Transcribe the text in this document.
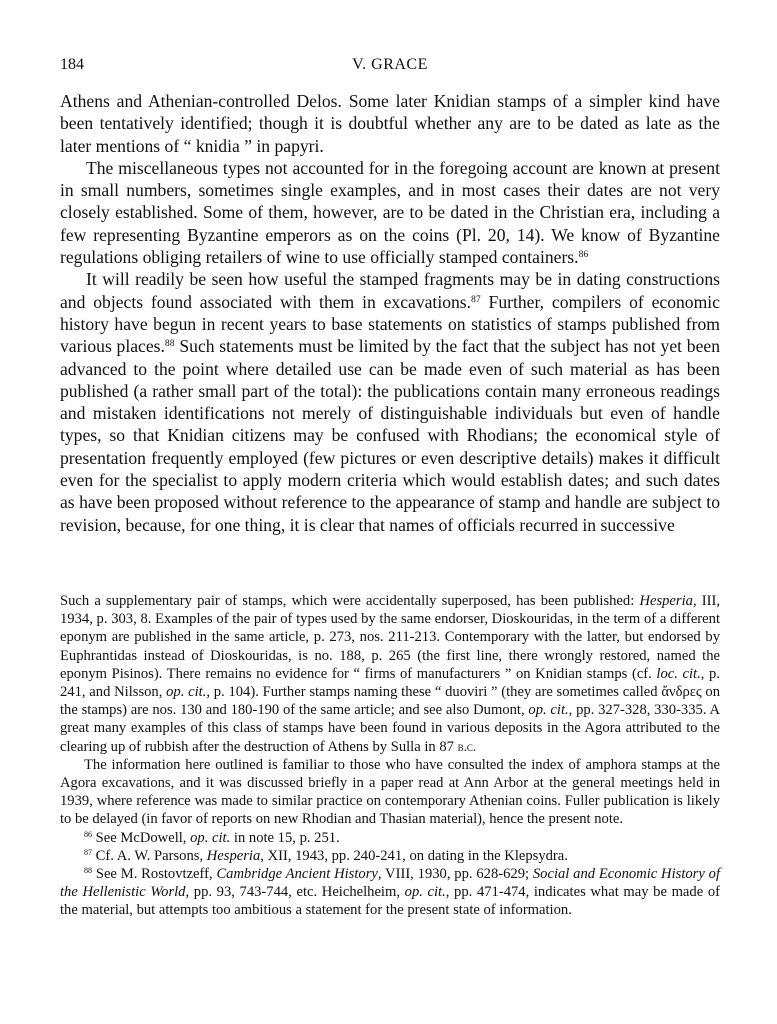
184	V. GRACE

Athens and Athenian-controlled Delos. Some later Knidian stamps of a simpler kind have been tentatively identified; though it is doubtful whether any are to be dated as late as the later mentions of “ knidia ” in papyri.

The miscellaneous types not accounted for in the foregoing account are known at present in small numbers, sometimes single examples, and in most cases their dates are not very closely established. Some of them, however, are to be dated in the Christian era, including a few representing Byzantine emperors as on the coins (Pl. 20, 14). We know of Byzantine regulations obliging retailers of wine to use officially stamped containers.$^{86}$

It will readily be seen how useful the stamped fragments may be in dating constructions and objects found associated with them in excavations.$^{87}$ Further, compilers of economic history have begun in recent years to base statements on statistics of stamps published from various places.$^{88}$ Such statements must be limited by the fact that the subject has not yet been advanced to the point where detailed use can be made even of such material as has been published (a rather small part of the total): the publications contain many erroneous readings and mistaken identifications not merely of distinguishable individuals but even of handle types, so that Knidian citizens may be confused with Rhodians; the economical style of presentation frequently employed (few pictures or even descriptive details) makes it difficult even for the specialist to apply modern criteria which would establish dates; and such dates as have been proposed without reference to the appearance of stamp and handle are subject to revision, because, for one thing, it is clear that names of officials recurred in successive

Such a supplementary pair of stamps, which were accidentally superposed, has been published: Hesperia, III, 1934, p. 303, 8. Examples of the pair of types used by the same endorser, Dioskouridas, in the term of a different eponym are published in the same article, p. 273, nos. 211-213. Contemporary with the latter, but endorsed by Euphrantidas instead of Dioskouridas, is no. 188, p. 265 (the first line, there wrongly restored, named the eponym Pisinos). There remains no evidence for “ firms of manufacturers ” on Knidian stamps (cf. loc. cit., p. 241, and Nilsson, op. cit., p. 104). Further stamps naming these “ duoviri ” (they are sometimes called ἄνδρες on the stamps) are nos. 130 and 180-190 of the same article; and see also Dumont, op. cit., pp. 327-328, 330-335. A great many examples of this class of stamps have been found in various deposits in the Agora attributed to the clearing up of rubbish after the destruction of Athens by Sulla in 87 b.c.

The information here outlined is familiar to those who have consulted the index of amphora stamps at the Agora excavations, and it was discussed briefly in a paper read at Ann Arbor at the general meetings held in 1939, where reference was made to similar practice on contemporary Athenian coins. Fuller publication is likely to be delayed (in favor of reports on new Rhodian and Thasian material), hence the present note.

$^{86}$ See McDowell, op. cit. in note 15, p. 251.

$^{87}$ Cf. A. W. Parsons, Hesperia, XII, 1943, pp. 240-241, on dating in the Klepsydra.

$^{88}$ See M. Rostovtzeff, Cambridge Ancient History, VIII, 1930, pp. 628-629; Social and Economic History of the Hellenistic World, pp. 93, 743-744, etc. Heichelheim, op. cit., pp. 471-474, indicates what may be made of the material, but attempts too ambitious a statement for the present state of information.
